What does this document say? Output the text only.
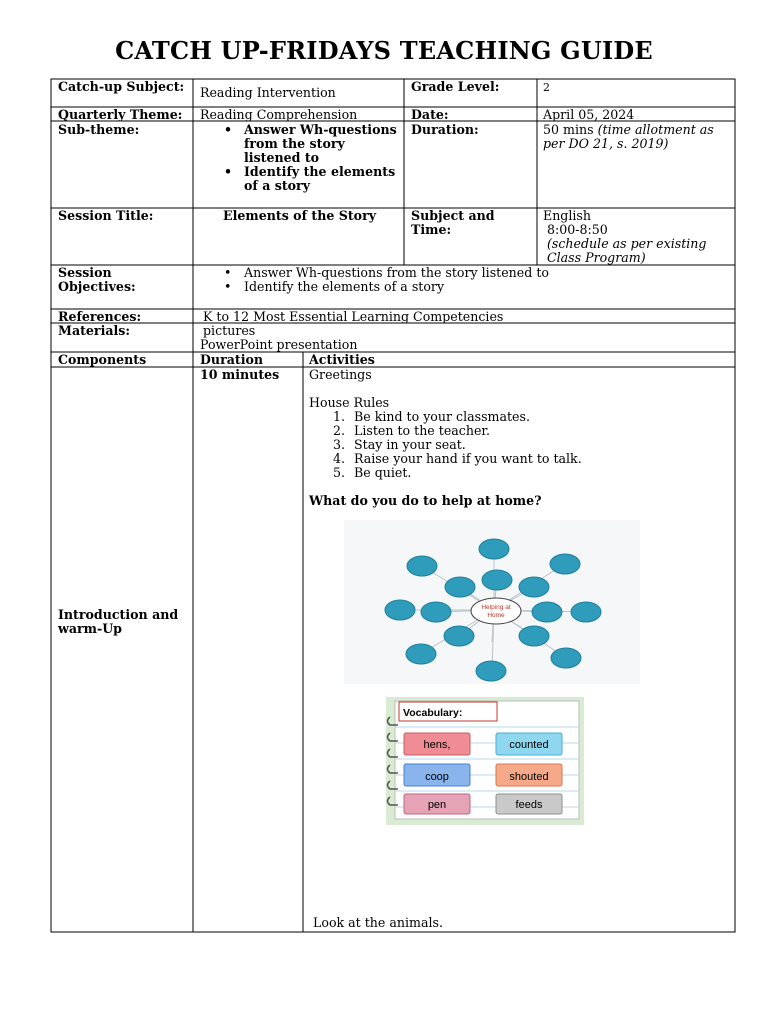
CATCH UP-FRIDAYS TEACHING GUIDE
Catch-up Subject:	Reading Intervention	Grade Level:	2
Quarterly Theme: Reading Comprehension	Date:	April 05, 2024
Sub-theme:
•	Answer Wh-questions from the story listened to
• Identify the elements of a story
Duration:	50 mins (time allotment as per DO 21, s. 2019)
Session Title:	Elements of the Story	Subject and Time:
English
8:00-8:50
(schedule as per existing Class Program)
Session Objectives:
• Answer Wh-questions from the story listened to
• Identify the elements of a story
References:	K to 12 Most Essential Learning Competencies
Materials:	pictures
PowerPoint presentation
Components	Duration	Activities
Introduction and warm-Up
10 minutes Greetings
House Rules
1. Be kind to your classmates.
2. Listen to the teacher.
3. Stay in your seat.
4. Raise your hand if you want to talk.
5. Be quiet.
What do you do to help at home?
Helping at
Home
Vocabulary:
hens,	counted
coop	shouted
pen	feeds
Look at the animals.
